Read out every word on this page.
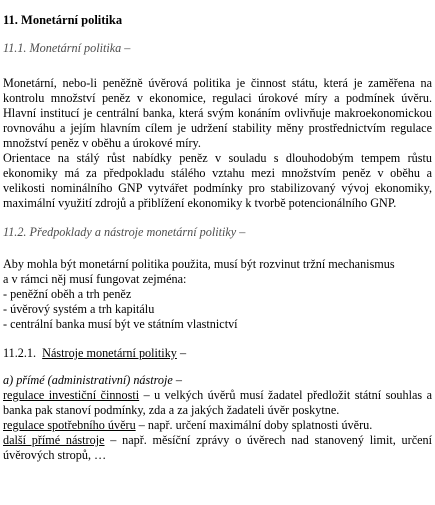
11. Monetární politika

11.1. Monetární politika –

Monetární, nebo-li peněžně úvěrová politika je činnost státu, která je zaměřena na kontrolu množství peněz v ekonomice, regulaci úrokové míry a podmínek úvěru. Hlavní institucí je centrální banka, která svým konáním ovlivňuje makroekonomickou rovnováhu a jejím hlavním cílem je udržení stability měny prostřednictvím regulace množství peněz v oběhu a úrokové míry.

Orientace na stálý růst nabídky peněz v souladu s dlouhodobým tempem růstu ekonomiky má za předpokladu stálého vztahu mezi množstvím peněz v oběhu a velikosti nominálního GNP vytvářet podmínky pro stabilizovaný vývoj ekonomiky, maximální využití zdrojů a přiblížení ekonomiky k tvorbě potencionálního GNP.

11.2. Předpoklady a nástroje monetární politiky –

Aby mohla být monetární politika použita, musí být rozvinut tržní mechanismus

a v rámci něj musí fungovat zejména:

- peněžní oběh a trh peněz

- úvěrový systém a trh kapitálu

- centrální banka musí být ve státním vlastnictví

11.2.1. Nástroje monetární politiky –

a) přímé (administrativní) nástroje –

regulace investiční činnosti – u velkých úvěrů musí žadatel předložit státní souhlas a banka pak stanoví podmínky, zda a za jakých žadateli úvěr poskytne.

regulace spotřebního úvěru – např. určení maximální doby splatnosti úvěru.

další přímé nástroje – např. měsíční zprávy o úvěrech nad stanovený limit, určení úvěrových stropů, …
